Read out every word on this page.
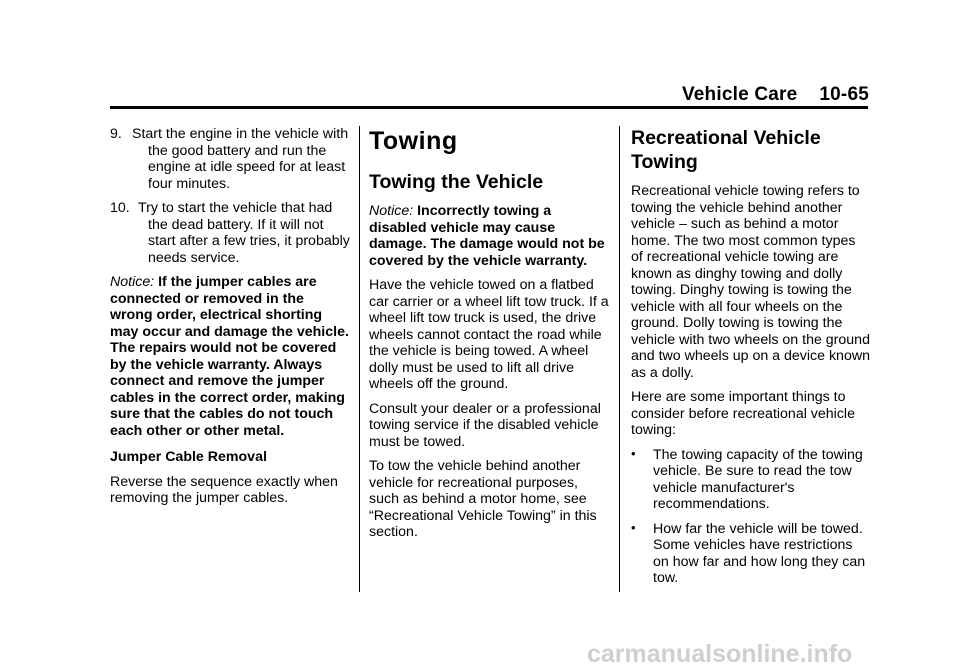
Vehicle Care 10-65
9. Start the engine in the vehicle with the good battery and run the engine at idle speed for at least four minutes.
10. Try to start the vehicle that had the dead battery. If it will not start after a few tries, it probably needs service.

Notice: If the jumper cables are connected or removed in the wrong order, electrical shorting may occur and damage the vehicle. The repairs would not be covered by the vehicle warranty. Always connect and remove the jumper cables in the correct order, making sure that the cables do not touch each other or other metal.

Jumper Cable Removal

Reverse the sequence exactly when removing the jumper cables.

Towing
Towing the Vehicle

Notice: Incorrectly towing a disabled vehicle may cause damage. The damage would not be covered by the vehicle warranty.

Have the vehicle towed on a flatbed car carrier or a wheel lift tow truck. If a wheel lift tow truck is used, the drive wheels cannot contact the road while the vehicle is being towed. A wheel dolly must be used to lift all drive wheels off the ground.

Consult your dealer or a professional towing service if the disabled vehicle must be towed.

To tow the vehicle behind another vehicle for recreational purposes, such as behind a motor home, see “Recreational Vehicle Towing” in this section.

Recreational Vehicle Towing

Recreational vehicle towing refers to towing the vehicle behind another vehicle – such as behind a motor home. The two most common types of recreational vehicle towing are known as dinghy towing and dolly towing. Dinghy towing is towing the vehicle with all four wheels on the ground. Dolly towing is towing the vehicle with two wheels on the ground and two wheels up on a device known as a dolly.

Here are some important things to consider before recreational vehicle towing:

• The towing capacity of the towing vehicle. Be sure to read the tow vehicle manufacturer's recommendations.
• How far the vehicle will be towed. Some vehicles have restrictions on how far and how long they can tow.
carmanualsonline.info
